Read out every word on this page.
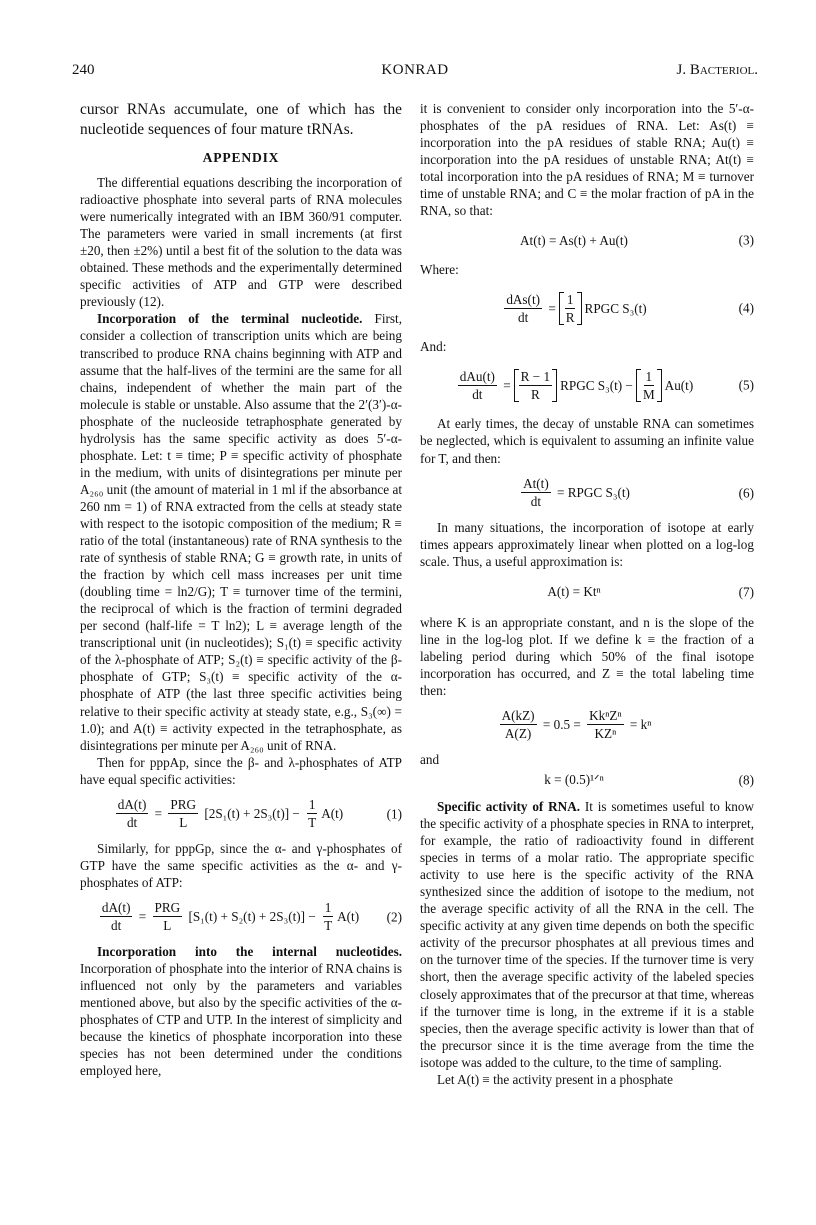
240	KONRAD	J. Bacteriol.

cursor RNAs accumulate, one of which has the nucleotide sequences of four mature tRNAs.

APPENDIX

The differential equations describing the incorporation of radioactive phosphate into several parts of RNA molecules were numerically integrated with an IBM 360/91 computer. The parameters were varied in small increments (at first ±20, then ±2%) until a best fit of the solution to the data was obtained. These methods and the experimentally determined specific activities of ATP and GTP were described previously (12).

Incorporation of the terminal nucleotide. First, consider a collection of transcription units which are being transcribed to produce RNA chains beginning with ATP and assume that the half-lives of the termini are the same for all chains, independent of whether the main part of the molecule is stable or unstable. Also assume that the 2′(3′)-α-phosphate of the nucleoside tetraphosphate generated by hydrolysis has the same specific activity as does 5′-α-phosphate. Let: t ≡ time; P ≡ specific activity of phosphate in the medium, with units of disintegrations per minute per A₂₆₀ unit (the amount of material in 1 ml if the absorbance at 260 nm = 1) of RNA extracted from the cells at steady state with respect to the isotopic composition of the medium; R ≡ ratio of the total (instantaneous) rate of RNA synthesis to the rate of synthesis of stable RNA; G ≡ growth rate, in units of the fraction by which cell mass increases per unit time (doubling time = ln2/G); T ≡ turnover time of the termini, the reciprocal of which is the fraction of termini degraded per second (half-life = T ln2); L ≡ average length of the transcriptional unit (in nucleotides); S₁(t) ≡ specific activity of the λ-phosphate of ATP; S₂(t) ≡ specific activity of the β-phosphate of GTP; S₃(t) ≡ specific activity of the α-phosphate of ATP (the last three specific activities being relative to their specific activity at steady state, e.g., S₃(∞) = 1.0); and A(t) ≡ activity expected in the tetraphosphate, as disintegrations per minute per A₂₆₀ unit of RNA.

Then for pppAp, since the β- and λ-phosphates of ATP have equal specific activities:

$\frac{dA(t)}{dt} = \frac{\text{PRG}}{L}$
[2S₁(t) + 2S₃(t)] −
$\frac{1}{T} A(t)$	(1)

Similarly, for pppGp, since the α- and γ-phosphates of GTP have the same specific activities as the α- and γ-phosphates of ATP:

$\frac{dA(t)}{dt} = \frac{\text{PRG}}{L}$
[S₁(t) + S₂(t) + 2S₃(t)] −
$\frac{1}{T} A(t)$ (2)

Incorporation into the internal nucleotides. Incorporation of phosphate into the interior of RNA chains is influenced not only by the parameters and variables mentioned above, but also by the specific activities of the α-phosphates of CTP and UTP. In the interest of simplicity and because the kinetics of phosphate incorporation into these species has not been determined under the conditions employed here,

it is convenient to consider only incorporation into the 5′-α-phosphates of the pA residues of RNA. Let: As(t) ≡ incorporation into the pA residues of stable RNA; Au(t) ≡ incorporation into the pA residues of unstable RNA; At(t) ≡ total incorporation into the pA residues of RNA; M ≡ turnover time of unstable RNA; and C ≡ the molar fraction of pA in the RNA, so that:

At(t) = As(t) + Au(t)	(3)

Where:

$\frac{\text{dAs(t)}}{dt} = \frac{1}{R}$ RPGC S₃(t)	(4)

And:

$\frac{\text{dAu(t)}}{dt} = \frac{R - 1}{R}$ RPGC $S_3(t) - \frac{1}{M} Au(t)$	(5)

At early times, the decay of unstable RNA can sometimes be neglected, which is equivalent to assuming an infinite value for T, and then:

$\frac{At(t)}{dt}$
= RPGC S₃(t)	(6)

In many situations, the incorporation of isotope at early times appears approximately linear when plotted on a log-log scale. Thus, a useful approximation is:

A(t) = Ktⁿ	(7)

where K is an appropriate constant, and n is the slope of the line in the log-log plot. If we define k ≡ the fraction of a labeling period during which 50% of the final isotope incorporation has occurred, and Z ≡ the total labeling time then:

$\frac{A(kZ)}{A(Z)}$
= 0.5 =
$\frac{\text{KkⁿZⁿ}}{\text{KZⁿ}}$
= kⁿ

and

k = (0.5)¹ᐟⁿ	(8)

Specific activity of RNA. It is sometimes useful to know the specific activity of a phosphate species in RNA to interpret, for example, the ratio of radioactivity found in different species in terms of a molar ratio. The appropriate specific activity to use here is the specific activity of the RNA synthesized since the addition of isotope to the medium, not the average specific activity of all the RNA in the cell. The specific activity at any given time depends on both the specific activity of the precursor phosphates at all previous times and on the turnover time of the species. If the turnover time is very short, then the average specific activity of the labeled species closely approximates that of the precursor at that time, whereas if the turnover time is long, in the extreme if it is a stable species, then the average specific activity is lower than that of the precursor since it is the time average from the time the isotope was added to the culture, to the time of sampling.

Let A(t) ≡ the activity present in a phosphate
